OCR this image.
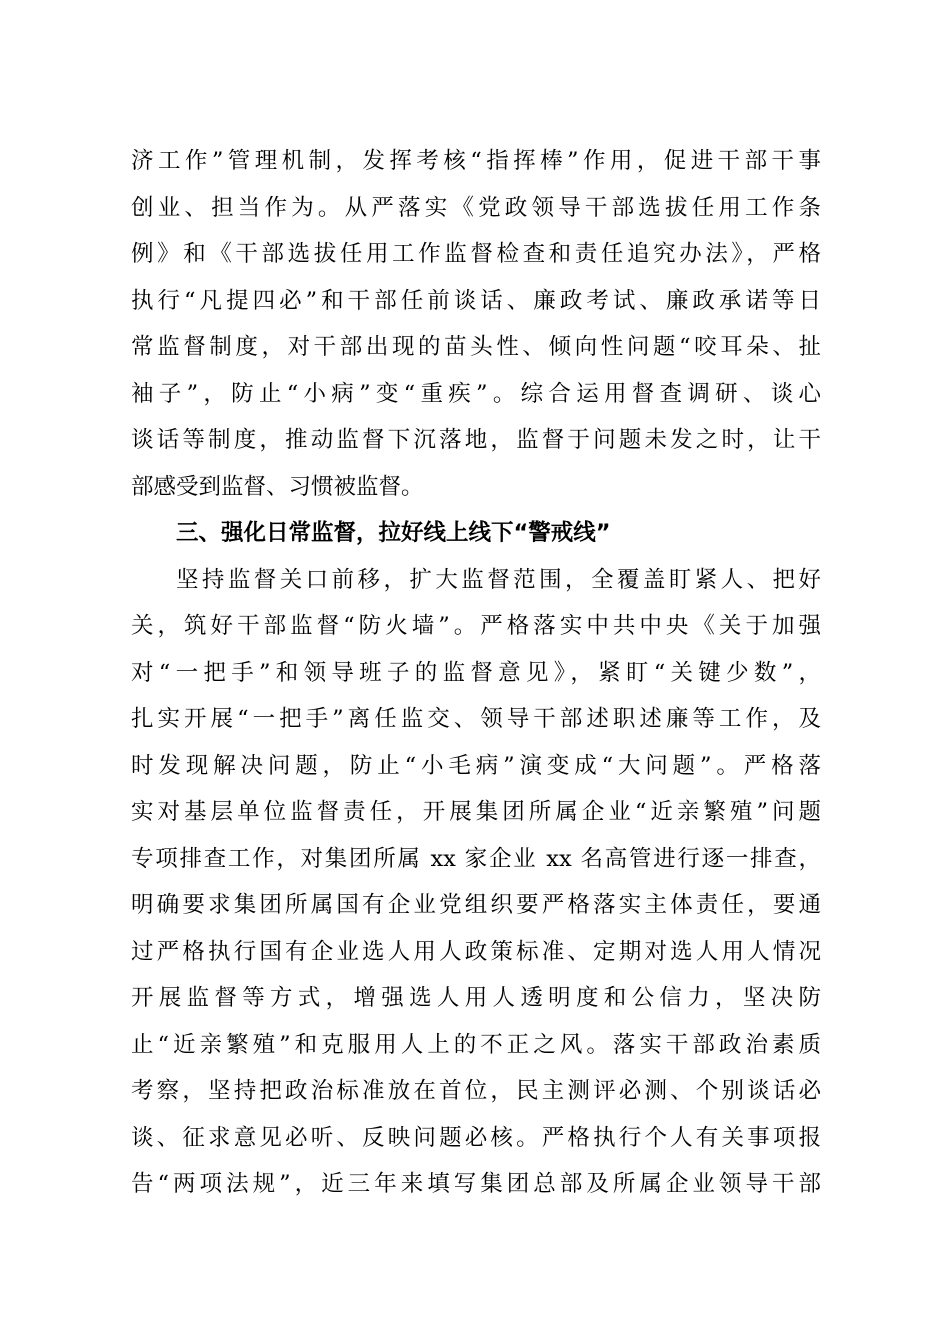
济工作”管理机制，发挥考核“指挥棒”作用，促进干部干事
创业、担当作为。从严落实《党政领导干部选拔任用工作条
例》和《干部选拔任用工作监督检查和责任追究办法》，严格
执行“凡提四必”和干部任前谈话、廉政考试、廉政承诺等日
常监督制度，对干部出现的苗头性、倾向性问题“咬耳朵、扯
袖子”，防止“小病”变“重疾”。综合运用督查调研、谈心
谈话等制度，推动监督下沉落地，监督于问题未发之时，让干
部感受到监督、习惯被监督。
三、强化日常监督，拉好线上线下“警戒线”
坚持监督关口前移，扩大监督范围，全覆盖盯紧人、把好
关，筑好干部监督“防火墙”。严格落实中共中央《关于加强
对“一把手”和领导班子的监督意见》，紧盯“关键少数”，
扎实开展“一把手”离任监交、领导干部述职述廉等工作，及
时发现解决问题，防止“小毛病”演变成“大问题”。严格落
实对基层单位监督责任，开展集团所属企业“近亲繁殖”问题
专项排查工作，对集团所属 xx 家企业 xx 名高管进行逐一排查，
明确要求集团所属国有企业党组织要严格落实主体责任，要通
过严格执行国有企业选人用人政策标准、定期对选人用人情况
开展监督等方式，增强选人用人透明度和公信力，坚决防
止“近亲繁殖”和克服用人上的不正之风。落实干部政治素质
考察，坚持把政治标准放在首位，民主测评必测、个别谈话必
谈、征求意见必听、反映问题必核。严格执行个人有关事项报
告“两项法规”，近三年来填写集团总部及所属企业领导干部
